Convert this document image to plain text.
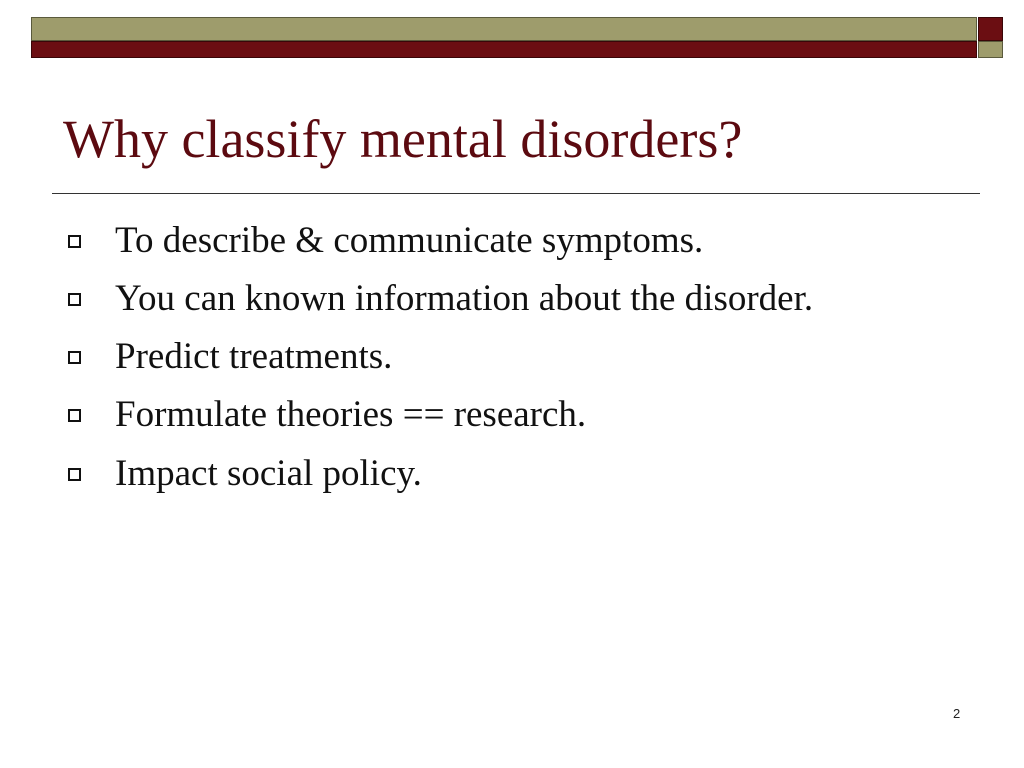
Why classify mental disorders?
To describe & communicate symptoms.
You can known information about the disorder.
Predict treatments.
Formulate theories == research.
Impact social policy.
2
